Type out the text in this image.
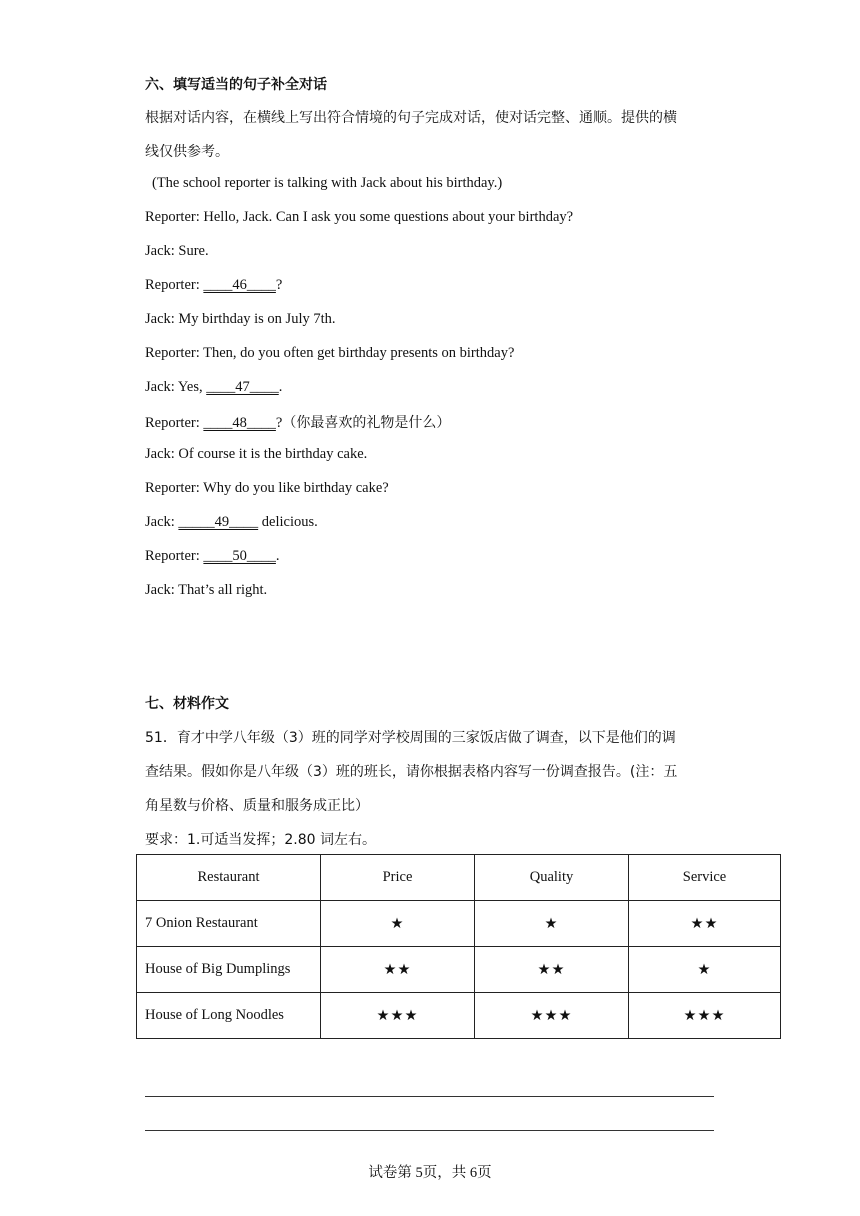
六、填写适当的句子补全对话
根据对话内容，在横线上写出符合情境的句子完成对话，使对话完整、通顺。提供的横
线仅供参考。
(The school reporter is talking with Jack about his birthday.)
Reporter: Hello, Jack. Can I ask you some questions about your birthday?
Jack: Sure.
Reporter: ____46____?
Jack: My birthday is on July 7th.
Reporter: Then, do you often get birthday presents on birthday?
Jack: Yes, ____47____.
Reporter: ____48____?（你最喜欢的礼物是什么）
Jack: Of course it is the birthday cake.
Reporter: Why do you like birthday cake?
Jack: _____49____ delicious.
Reporter: ____50____.
Jack: That’s all right.
七、材料作文
51．育才中学八年级（3）班的同学对学校周围的三家饭店做了调查，以下是他们的调
查结果。假如你是八年级（3）班的班长，请你根据表格内容写一份调查报告。(注：五
角星数与价格、质量和服务成正比）
要求：1.可适当发挥；2.80 词左右。
Restaurant	Price	Quality	Service
7 Onion Restaurant	★	★	★★
House of Big Dumplings	★★	★★	★
House of Long Noodles	★★★	★★★	★★★
试卷第 5页，共 6页
